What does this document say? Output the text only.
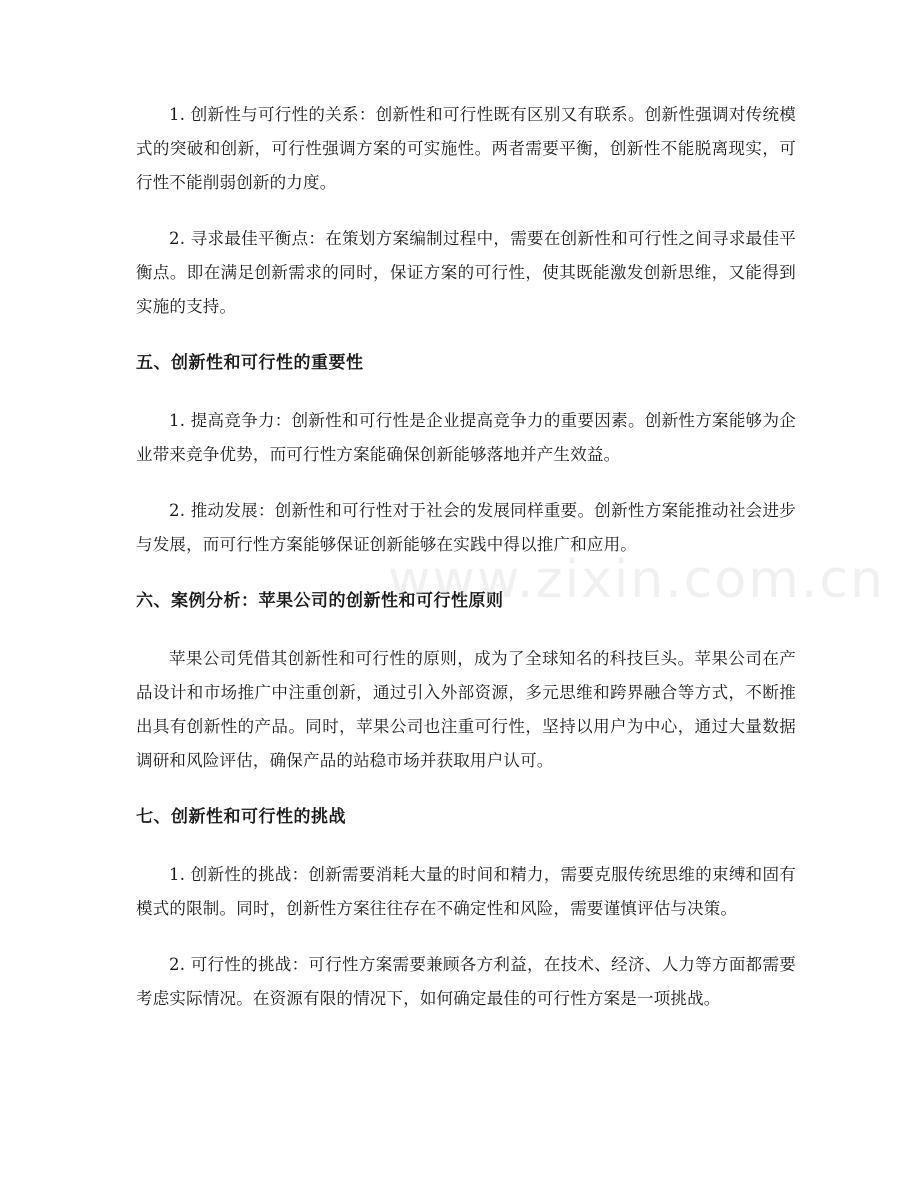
1. 创新性与可行性的关系：创新性和可行性既有区别又有联系。创新性强调对传统模式的突破和创新，可行性强调方案的可实施性。两者需要平衡，创新性不能脱离现实，可行性不能削弱创新的力度。

2. 寻求最佳平衡点：在策划方案编制过程中，需要在创新性和可行性之间寻求最佳平衡点。即在满足创新需求的同时，保证方案的可行性，使其既能激发创新思维，又能得到实施的支持。

五、创新性和可行性的重要性

1. 提高竞争力：创新性和可行性是企业提高竞争力的重要因素。创新性方案能够为企业带来竞争优势，而可行性方案能确保创新能够落地并产生效益。

2. 推动发展：创新性和可行性对于社会的发展同样重要。创新性方案能推动社会进步与发展，而可行性方案能够保证创新能够在实践中得以推广和应用。

六、案例分析：苹果公司的创新性和可行性原则

苹果公司凭借其创新性和可行性的原则，成为了全球知名的科技巨头。苹果公司在产品设计和市场推广中注重创新，通过引入外部资源，多元思维和跨界融合等方式，不断推出具有创新性的产品。同时，苹果公司也注重可行性，坚持以用户为中心，通过大量数据调研和风险评估，确保产品的站稳市场并获取用户认可。

七、创新性和可行性的挑战

1. 创新性的挑战：创新需要消耗大量的时间和精力，需要克服传统思维的束缚和固有模式的限制。同时，创新性方案往往存在不确定性和风险，需要谨慎评估与决策。

2. 可行性的挑战：可行性方案需要兼顾各方利益，在技术、经济、人力等方面都需要考虑实际情况。在资源有限的情况下，如何确定最佳的可行性方案是一项挑战。

www.zixin.com.cn
